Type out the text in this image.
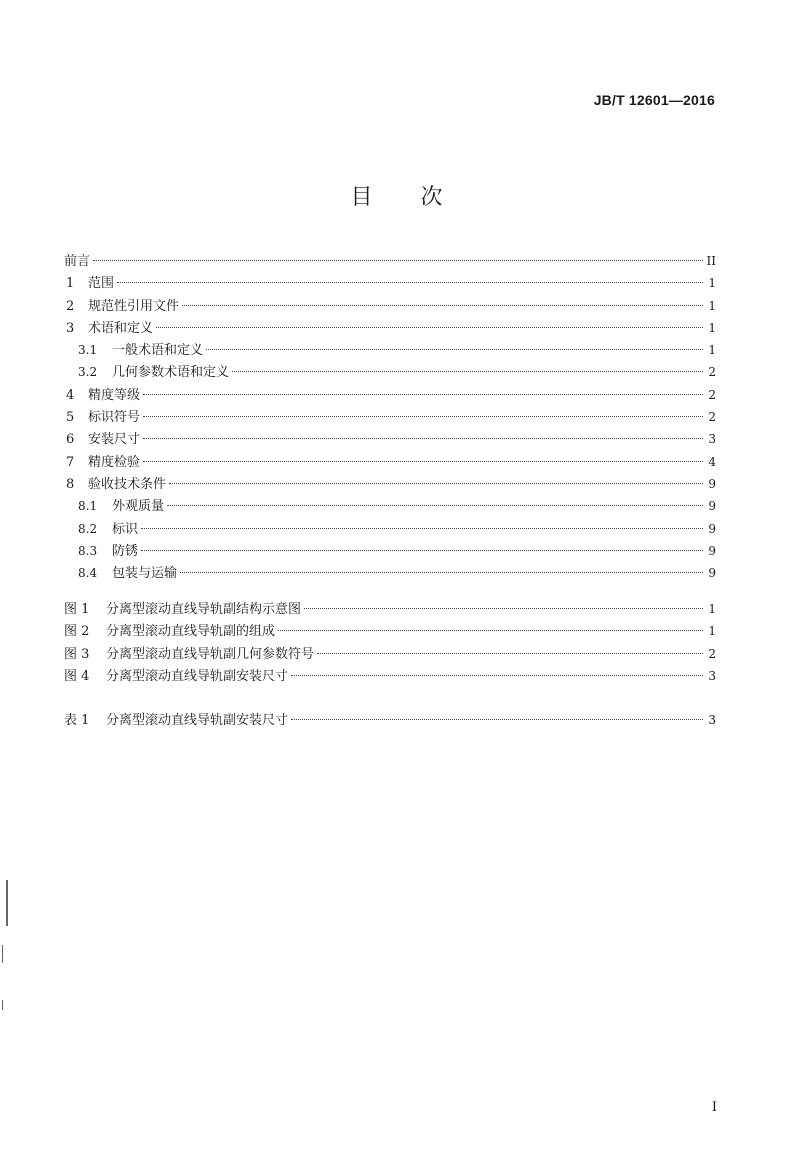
JB/T 12601—2016
目次
前言	II
1	范围	1
2	规范性引用文件	1
3	术语和定义	1
3.1	一般术语和定义	1
3.2	几何参数术语和定义	2
4	精度等级	2
5	标识符号	2
6	安装尺寸	3
7	精度检验	4
8	验收技术条件	9
8.1	外观质量	9
8.2	标识	9
8.3	防锈	9
8.4	包装与运输	9
图 1	分离型滚动直线导轨副结构示意图	1
图 2	分离型滚动直线导轨副的组成	1
图 3	分离型滚动直线导轨副几何参数符号	2
图 4	分离型滚动直线导轨副安装尺寸	3
表 1	分离型滚动直线导轨副安装尺寸	3
I
